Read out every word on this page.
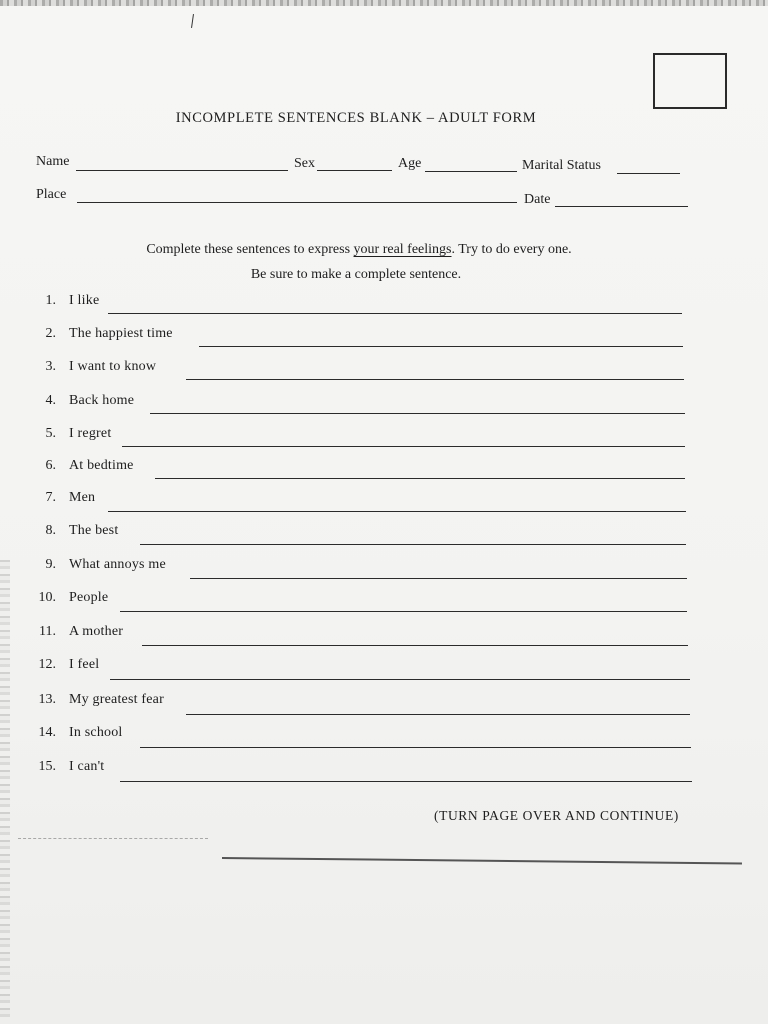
INCOMPLETE SENTENCES BLANK – ADULT FORM
Name	Sex	Age	Marital Status
Place	Date
Complete these sentences to express your real feelings. Try to do every one.
Be sure to make a complete sentence.
1. I like
2. The happiest time
3. I want to know
4. Back home
5. I regret
6. At bedtime
7. Men
8. The best
9. What annoys me
10. People
11. A mother
12. I feel
13. My greatest fear
14. In school
15. I can't
(TURN PAGE OVER AND CONTINUE)
